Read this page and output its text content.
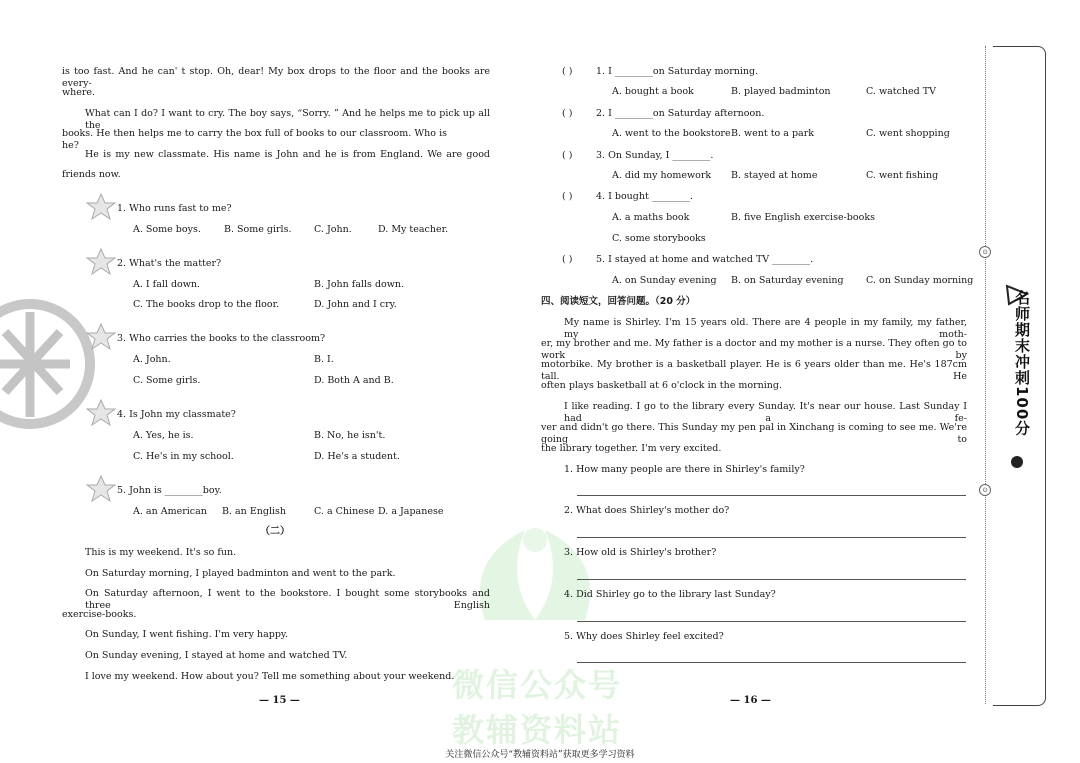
微信公众号
教辅资料站
is too fast. And he can' t stop. Oh, dear! My box drops to the floor and the books are every-
where.
What can I do? I want to cry. The boy says, “Sorry. ” And he helps me to pick up all the
books. He then helps me to carry the box full of books to our classroom. Who is he?
He is my new classmate. His name is John and he is from England. We are good
friends now.
1. Who runs fast to me?
A. Some boys. B. Some girls. C. John.	D. My teacher.
2. What's the matter?
A. I fall down.	B. John falls down.
C. The books drop to the floor.	D. John and I cry.
3. Who carries the books to the classroom?
A. John.	B. I.
C. Some girls.	D. Both A and B.
4. Is John my classmate?
A. Yes, he is.	B. No, he isn't.
C. He's in my school.	D. He's a student.
5. John is ________boy.
A. an American B. an English	C. a Chinese D. a Japanese
（二）
This is my weekend. It's so fun.
On Saturday morning, I played badminton and went to the park.
On Saturday afternoon, I went to the bookstore. I bought some storybooks and three English
exercise-books.
On Sunday, I went fishing. I'm very happy.
On Sunday evening, I stayed at home and watched TV.
I love my weekend. How about you? Tell me something about your weekend.
— 15 —
( ) 1. I ________on Saturday morning.
A. bought a book	B. played badminton	C. watched TV
( ) 2. I ________on Saturday afternoon.
A. went to the bookstore B. went to a park	C. went shopping
( ) 3. On Sunday, I ________.
A. did my homework B. stayed at home	C. went fishing
( ) 4. I bought ________.
A. a maths book	B. five English exercise-books
C. some storybooks
( ) 5. I stayed at home and watched TV ________.
A. on Sunday evening B. on Saturday evening C. on Sunday morning
四、阅读短文，回答问题。（20 分）
My name is Shirley. I'm 15 years old. There are 4 people in my family, my father, my moth-
er, my brother and me. My father is a doctor and my mother is a nurse. They often go to work by
motorbike. My brother is a basketball player. He is 6 years older than me. He's 187cm tall. He
often plays basketball at 6 o'clock in the morning.
I like reading. I go to the library every Sunday. It's near our house. Last Sunday I had a fe-
ver and didn't go there. This Sunday my pen pal in Xinchang is coming to see me. We're going to
the library together. I'm very excited.
1. How many people are there in Shirley's family?
2. What does Shirley's mother do?
3. How old is Shirley's brother?
4. Did Shirley go to the library last Sunday?
5. Why does Shirley feel excited?
— 16 —
⊙
⊙
名师期末冲刺100分
关注微信公众号“教辅资料站”获取更多学习资料
